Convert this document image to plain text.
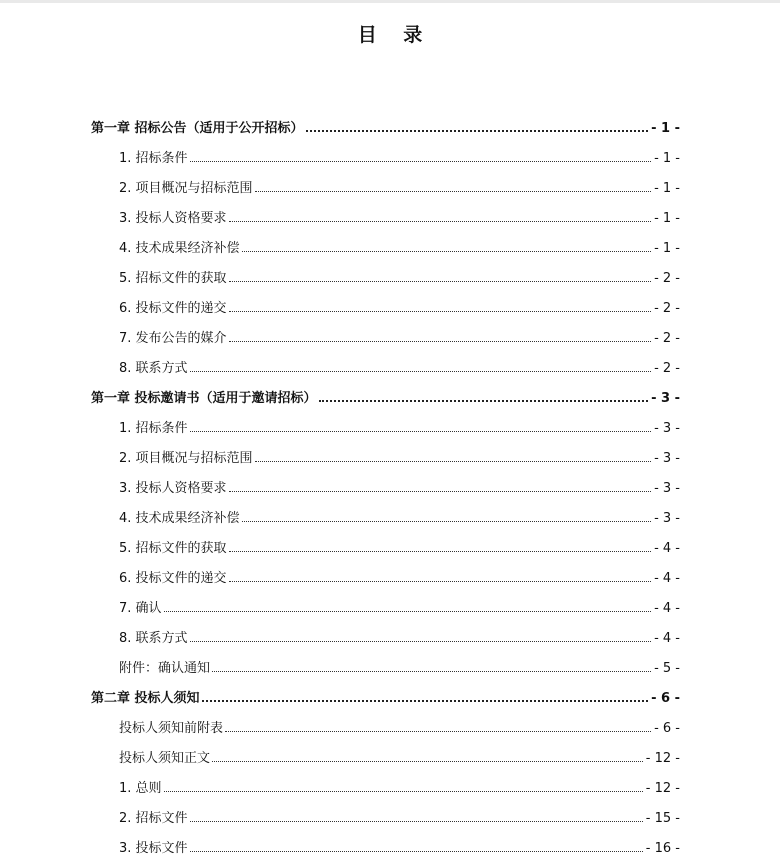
目 录
第一章 招标公告（适用于公开招标）	- 1 -
1. 招标条件	- 1 -
2. 项目概况与招标范围	- 1 -
3. 投标人资格要求	- 1 -
4. 技术成果经济补偿	- 1 -
5. 招标文件的获取	- 2 -
6. 投标文件的递交	- 2 -
7. 发布公告的媒介	- 2 -
8. 联系方式	- 2 -
第一章 投标邀请书（适用于邀请招标）	- 3 -
1. 招标条件	- 3 -
2. 项目概况与招标范围	- 3 -
3. 投标人资格要求	- 3 -
4. 技术成果经济补偿	- 3 -
5. 招标文件的获取	- 4 -
6. 投标文件的递交	- 4 -
7. 确认	- 4 -
8. 联系方式	- 4 -
附件：确认通知	- 5 -
第二章 投标人须知	- 6 -
投标人须知前附表	- 6 -
投标人须知正文	- 12 -
1. 总则	- 12 -
2. 招标文件	- 15 -
3. 投标文件	- 16 -
